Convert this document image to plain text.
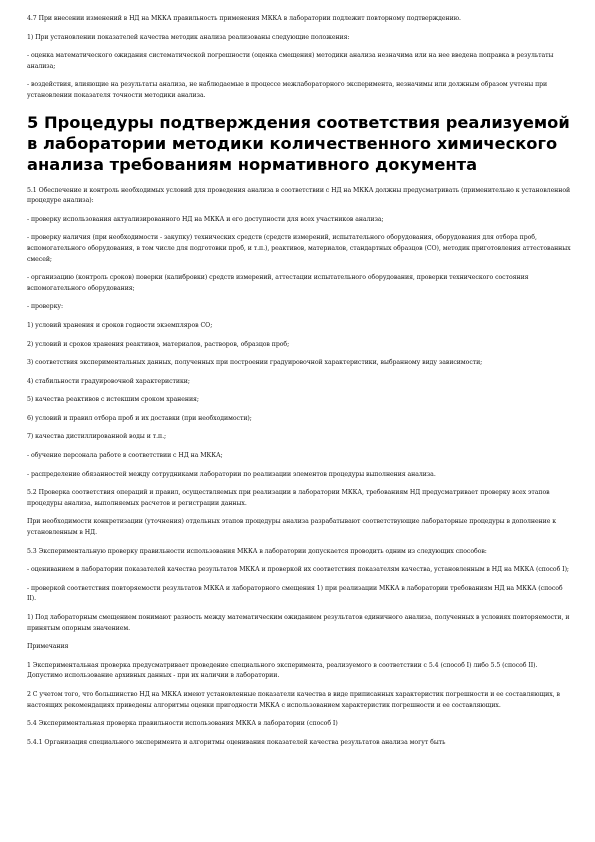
4.7 При внесении изменений в НД на МККА правильность применения МККА в лаборатории подлежит повторному подтверждению.

1) При установлении показателей качества методик анализа реализованы следующие положения:

- оценка математического ожидания систематической погрешности (оценка смещения) методики анализа незначима или на нее введена поправка в результаты анализа;

- воздействия, влияющие на результаты анализа, не наблюдаемые в процессе межлабораторного эксперимента, незначимы или должным образом учтены при установлении показателя точности методики анализа.

5 Процедуры подтверждения соответствия реализуемой в лаборатории методики количественного химического анализа требованиям нормативного документа

5.1 Обеспечение и контроль необходимых условий для проведения анализа в соответствии с НД на МККА должны предусматривать (применительно к установленной процедуре анализа):

- проверку использования актуализированного НД на МККА и его доступности для всех участников анализа;

- проверку наличия (при необходимости - закупку) технических средств (средств измерений, испытательного оборудования, оборудования для отбора проб, вспомогательного оборудования, в том числе для подготовки проб, и т.п.), реактивов, материалов, стандартных образцов (СО), методик приготовления аттестованных смесей;

- организацию (контроль сроков) поверки (калибровки) средств измерений, аттестации испытательного оборудования, проверки технического состояния вспомогательного оборудования;

- проверку:

1) условий хранения и сроков годности экземпляров СО;

2) условий и сроков хранения реактивов, материалов, растворов, образцов проб;

3) соответствия экспериментальных данных, полученных при построении градуировочной характеристики, выбранному виду зависимости;

4) стабильности градуировочной характеристики;

5) качества реактивов с истекшим сроком хранения;

6) условий и правил отбора проб и их доставки (при необходимости);

7) качества дистиллированной воды и т.п.;

- обучение персонала работе в соответствии с НД на МККА;

- распределение обязанностей между сотрудниками лаборатории по реализации элементов процедуры выполнения анализа.

5.2 Проверка соответствия операций и правил, осуществляемых при реализации в лаборатории МККА, требованиям НД предусматривает проверку всех этапов процедуры анализа, выполняемых расчетов и регистрации данных.

При необходимости конкретизации (уточнения) отдельных этапов процедуры анализа разрабатывают соответствующие лабораторные процедуры в дополнение к установленным в НД.

5.3 Экспериментальную проверку правильности использования МККА в лаборатории допускается проводить одним из следующих способов:

- оцениванием в лаборатории показателей качества результатов МККА и проверкой их соответствия показателям качества, установленным в НД на МККА (способ I);

- проверкой соответствия повторяемости результатов МККА и лабораторного смещения 1) при реализации МККА в лаборатории требованиям НД на МККА (способ II).

1) Под лабораторным смещением понимают разность между математическим ожиданием результатов единичного анализа, полученных в условиях повторяемости, и принятым опорным значением.

Примечания

1 Экспериментальная проверка предусматривает проведение специального эксперимента, реализуемого в соответствии с 5.4 (способ I) либо 5.5 (способ II). Допустимо использование архивных данных - при их наличии в лаборатории.

2 С учетом того, что большинство НД на МККА имеют установленные показатели качества в виде приписанных характеристик погрешности и ее составляющих, в настоящих рекомендациях приведены алгоритмы оценки пригодности МККА с использованием характеристик погрешности и ее составляющих.

5.4 Экспериментальная проверка правильности использования МККА в лаборатории (способ I)

5.4.1 Организация специального эксперимента и алгоритмы оценивания показателей качества результатов анализа могут быть
